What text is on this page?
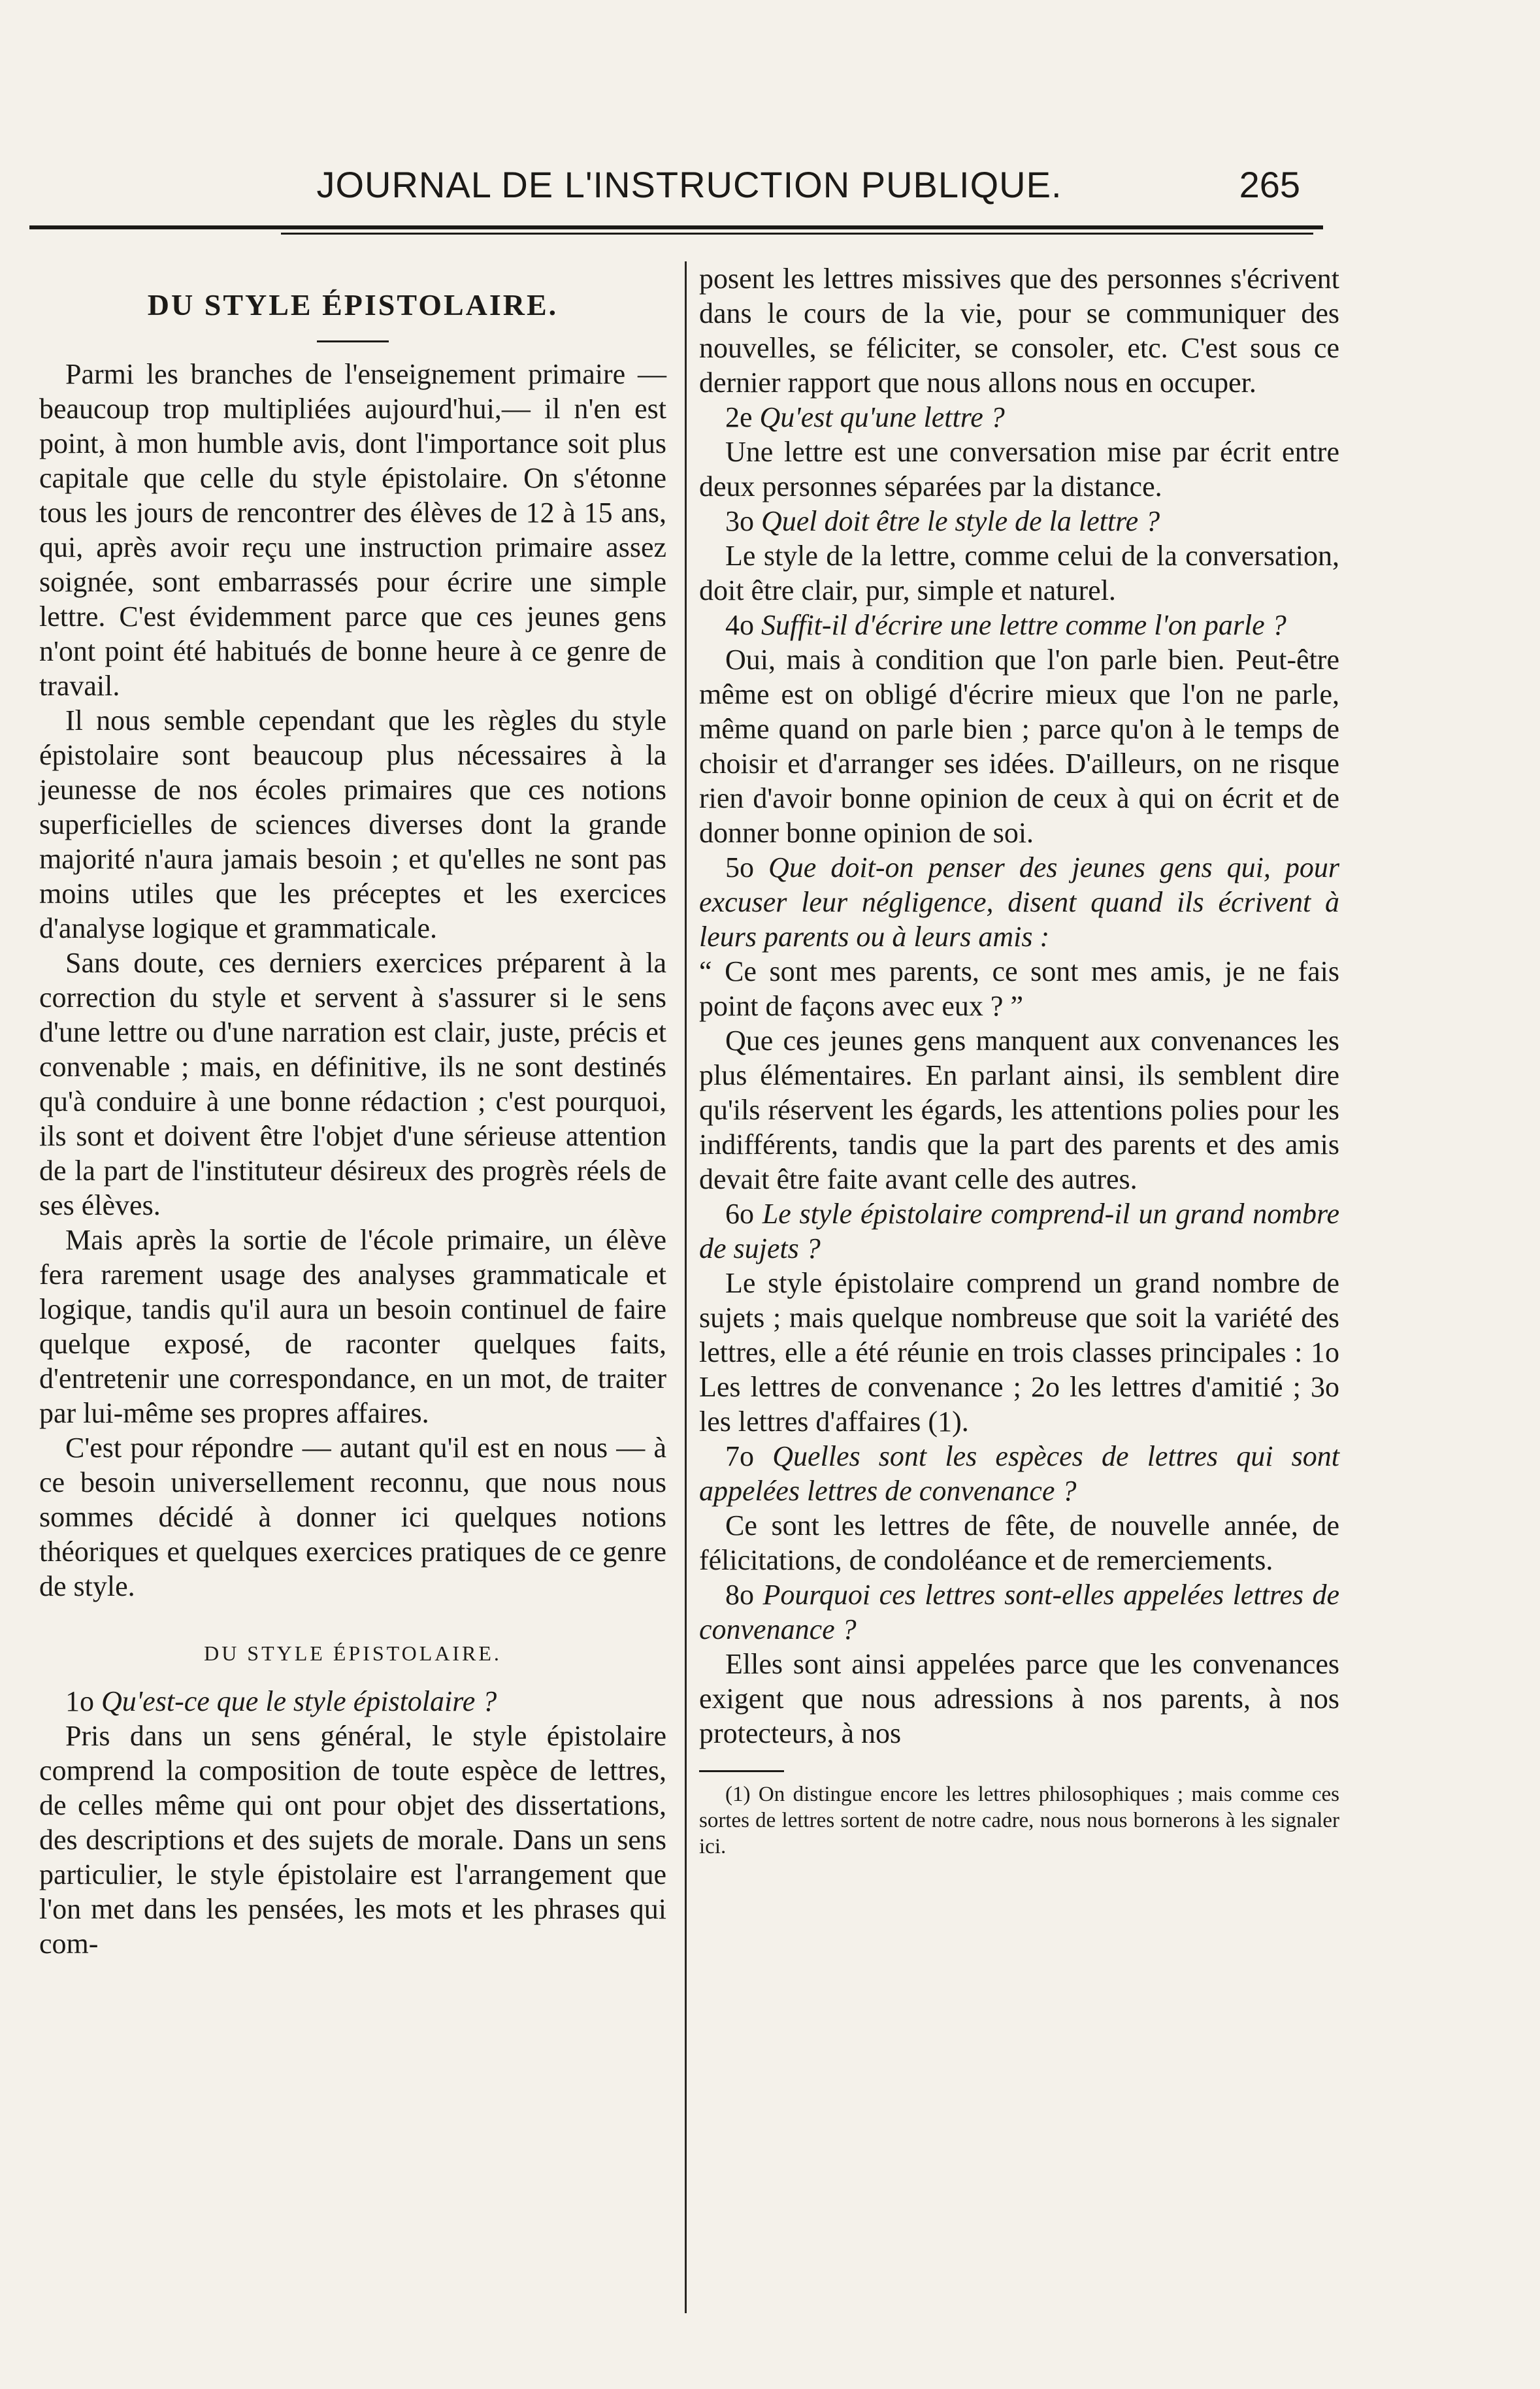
JOURNAL DE L'INSTRUCTION PUBLIQUE.	265

DU STYLE ÉPISTOLAIRE.

Parmi les branches de l'enseignement primaire — beaucoup trop multipliées aujourd'hui,— il n'en est point, à mon humble avis, dont l'importance soit plus capitale que celle du style épistolaire. On s'étonne tous les jours de rencontrer des élèves de 12 à 15 ans, qui, après avoir reçu une instruction primaire assez soignée, sont embarrassés pour écrire une simple lettre. C'est évidemment parce que ces jeunes gens n'ont point été habitués de bonne heure à ce genre de travail.

Il nous semble cependant que les règles du style épistolaire sont beaucoup plus nécessaires à la jeunesse de nos écoles primaires que ces notions superficielles de sciences diverses dont la grande majorité n'aura jamais besoin ; et qu'elles ne sont pas moins utiles que les préceptes et les exercices d'analyse logique et grammaticale.

Sans doute, ces derniers exercices préparent à la correction du style et servent à s'assurer si le sens d'une lettre ou d'une narration est clair, juste, précis et convenable ; mais, en définitive, ils ne sont destinés qu'à conduire à une bonne rédaction ; c'est pourquoi, ils sont et doivent être l'objet d'une sérieuse attention de la part de l'instituteur désireux des progrès réels de ses élèves.

Mais après la sortie de l'école primaire, un élève fera rarement usage des analyses grammaticale et logique, tandis qu'il aura un besoin continuel de faire quelque exposé, de raconter quelques faits, d'entretenir une correspondance, en un mot, de traiter par lui-même ses propres affaires.

C'est pour répondre — autant qu'il est en nous — à ce besoin universellement reconnu, que nous nous sommes décidé à donner ici quelques notions théoriques et quelques exercices pratiques de ce genre de style.

DU STYLE ÉPISTOLAIRE.

1o Qu'est-ce que le style épistolaire ?

Pris dans un sens général, le style épistolaire comprend la composition de toute espèce de lettres, de celles même qui ont pour objet des dissertations, des descriptions et des sujets de morale. Dans un sens particulier, le style épistolaire est l'arrangement que l'on met dans les pensées, les mots et les phrases qui com-

posent les lettres missives que des personnes s'écrivent dans le cours de la vie, pour se communiquer des nouvelles, se féliciter, se consoler, etc. C'est sous ce dernier rapport que nous allons nous en occuper.

2e Qu'est qu'une lettre ?

Une lettre est une conversation mise par écrit entre deux personnes séparées par la distance.

3o Quel doit être le style de la lettre ?

Le style de la lettre, comme celui de la conversation, doit être clair, pur, simple et naturel.

4o Suffit-il d'écrire une lettre comme l'on parle ?

Oui, mais à condition que l'on parle bien. Peut-être même est on obligé d'écrire mieux que l'on ne parle, même quand on parle bien ; parce qu'on à le temps de choisir et d'arranger ses idées. D'ailleurs, on ne risque rien d'avoir bonne opinion de ceux à qui on écrit et de donner bonne opinion de soi.

5o Que doit-on penser des jeunes gens qui, pour excuser leur négligence, disent quand ils écrivent à leurs parents ou à leurs amis :

“ Ce sont mes parents, ce sont mes amis, je ne fais point de façons avec eux ? ”

Que ces jeunes gens manquent aux convenances les plus élémentaires. En parlant ainsi, ils semblent dire qu'ils réservent les égards, les attentions polies pour les indifférents, tandis que la part des parents et des amis devait être faite avant celle des autres.

6o Le style épistolaire comprend-il un grand nombre de sujets ?

Le style épistolaire comprend un grand nombre de sujets ; mais quelque nombreuse que soit la variété des lettres, elle a été réunie en trois classes principales : 1o Les lettres de convenance ; 2o les lettres d'amitié ; 3o les lettres d'affaires (1).

7o Quelles sont les espèces de lettres qui sont appelées lettres de convenance ?

Ce sont les lettres de fête, de nouvelle année, de félicitations, de condoléance et de remerciements.

8o Pourquoi ces lettres sont-elles appelées lettres de convenance ?

Elles sont ainsi appelées parce que les convenances exigent que nous adressions à nos parents, à nos protecteurs, à nos

(1) On distingue encore les lettres philosophiques ; mais comme ces sortes de lettres sortent de notre cadre, nous nous bornerons à les signaler ici.
